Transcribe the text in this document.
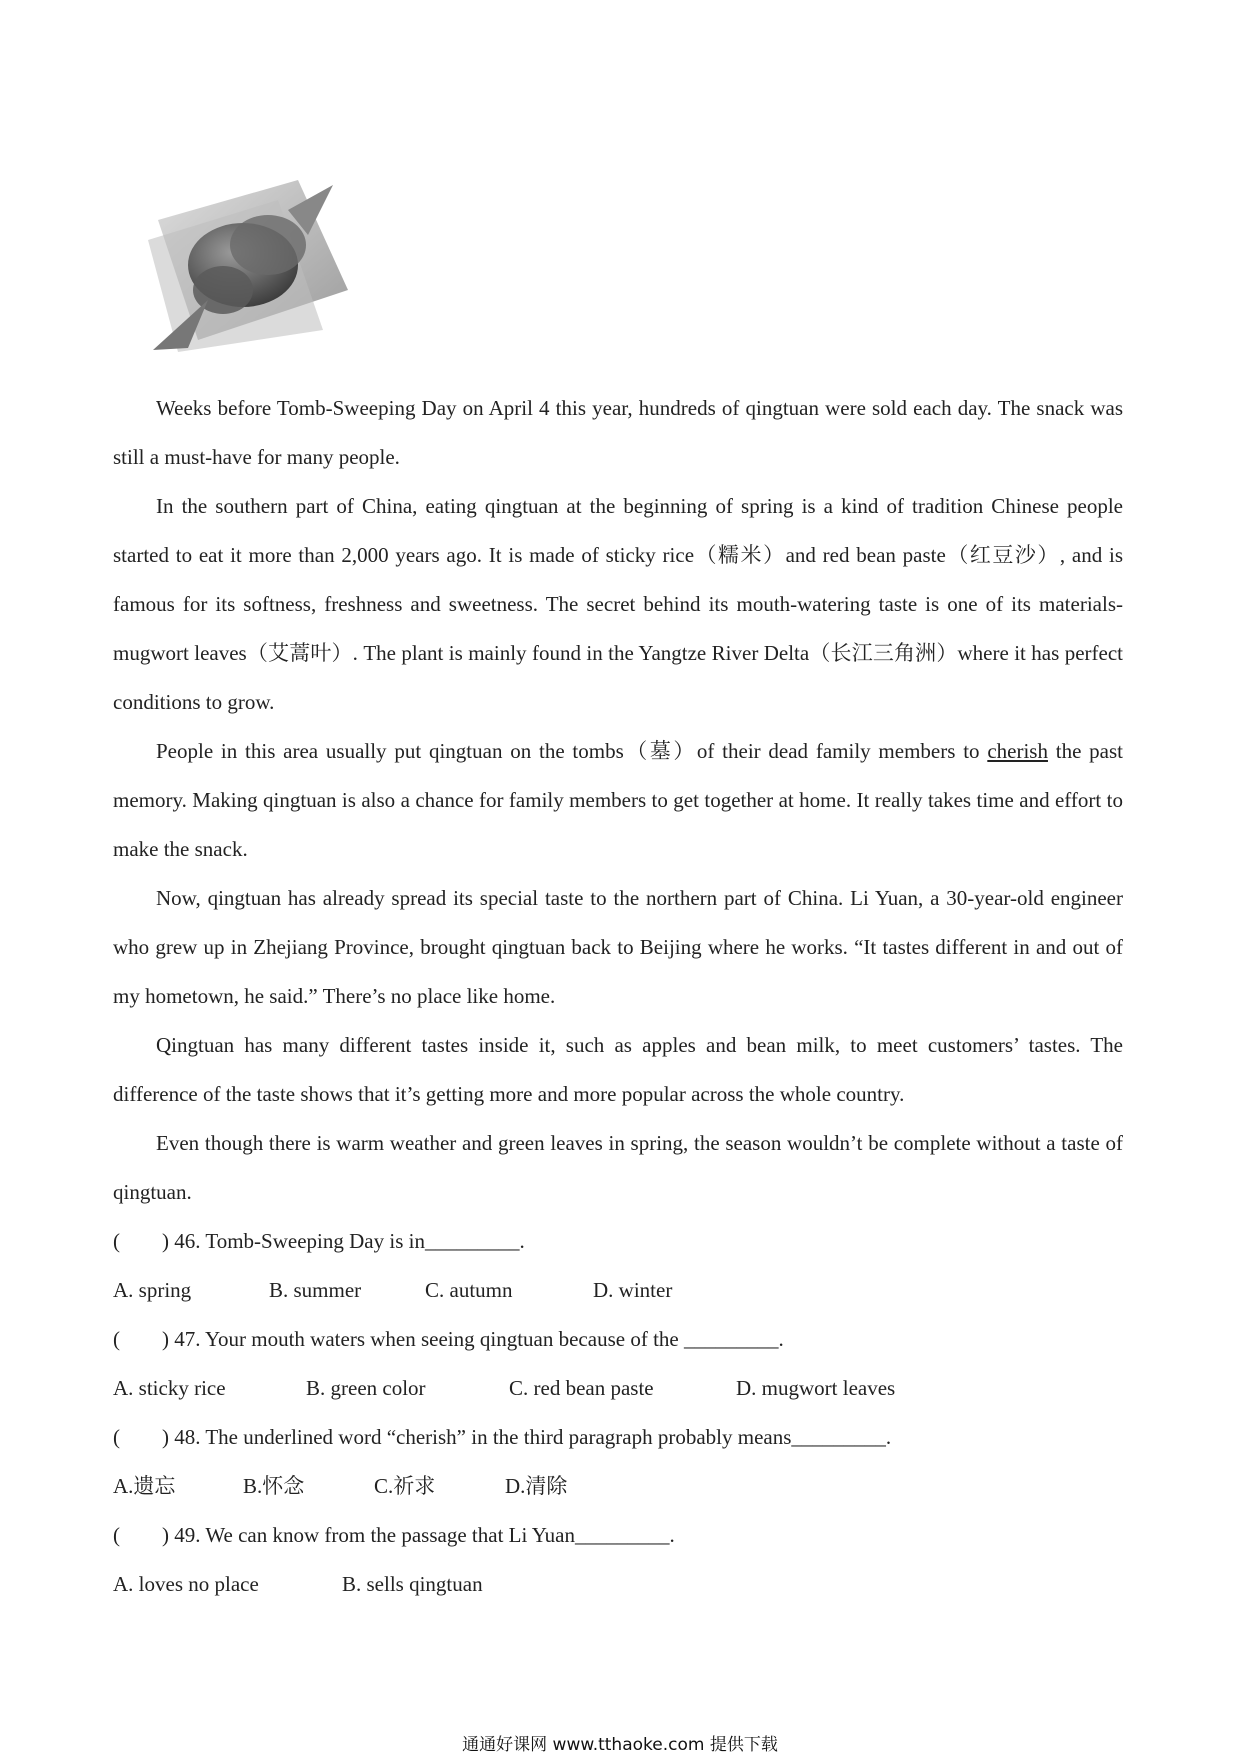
Weeks before Tomb-Sweeping Day on April 4 this year, hundreds of qingtuan were sold each day. The snack was still a must-have for many people.

In the southern part of China, eating qingtuan at the beginning of spring is a kind of tradition Chinese people started to eat it more than 2,000 years ago. It is made of sticky rice（糯米）and red bean paste（红豆沙）, and is famous for its softness, freshness and sweetness. The secret behind its mouth-watering taste is one of its materials-mugwort leaves（艾蒿叶）. The plant is mainly found in the Yangtze River Delta（长江三角洲）where it has perfect conditions to grow.

People in this area usually put qingtuan on the tombs（墓）of their dead family members to cherish the past memory. Making qingtuan is also a chance for family members to get together at home. It really takes time and effort to make the snack.

Now, qingtuan has already spread its special taste to the northern part of China. Li Yuan, a 30-year-old engineer who grew up in Zhejiang Province, brought qingtuan back to Beijing where he works. “It tastes different in and out of my hometown, he said.” There’s no place like home.

Qingtuan has many different tastes inside it, such as apples and bean milk, to meet customers’ tastes. The difference of the taste shows that it’s getting more and more popular across the whole country.

Even though there is warm weather and green leaves in spring, the season wouldn’t be complete without a taste of qingtuan.

(        ) 46. Tomb-Sweeping Day is in_________.

A. spring	B. summer	C. autumn	D. winter

(        ) 47. Your mouth waters when seeing qingtuan because of the _________.

A. sticky rice	B. green color	C. red bean paste	D. mugwort leaves

(        ) 48. The underlined word “cherish” in the third paragraph probably means_________.

A.遗忘	B.怀念	C.祈求	D.清除

(        ) 49. We can know from the passage that Li Yuan_________.

A. loves no place	B. sells qingtuan
通通好课网 www.tthaoke.com 提供下载
